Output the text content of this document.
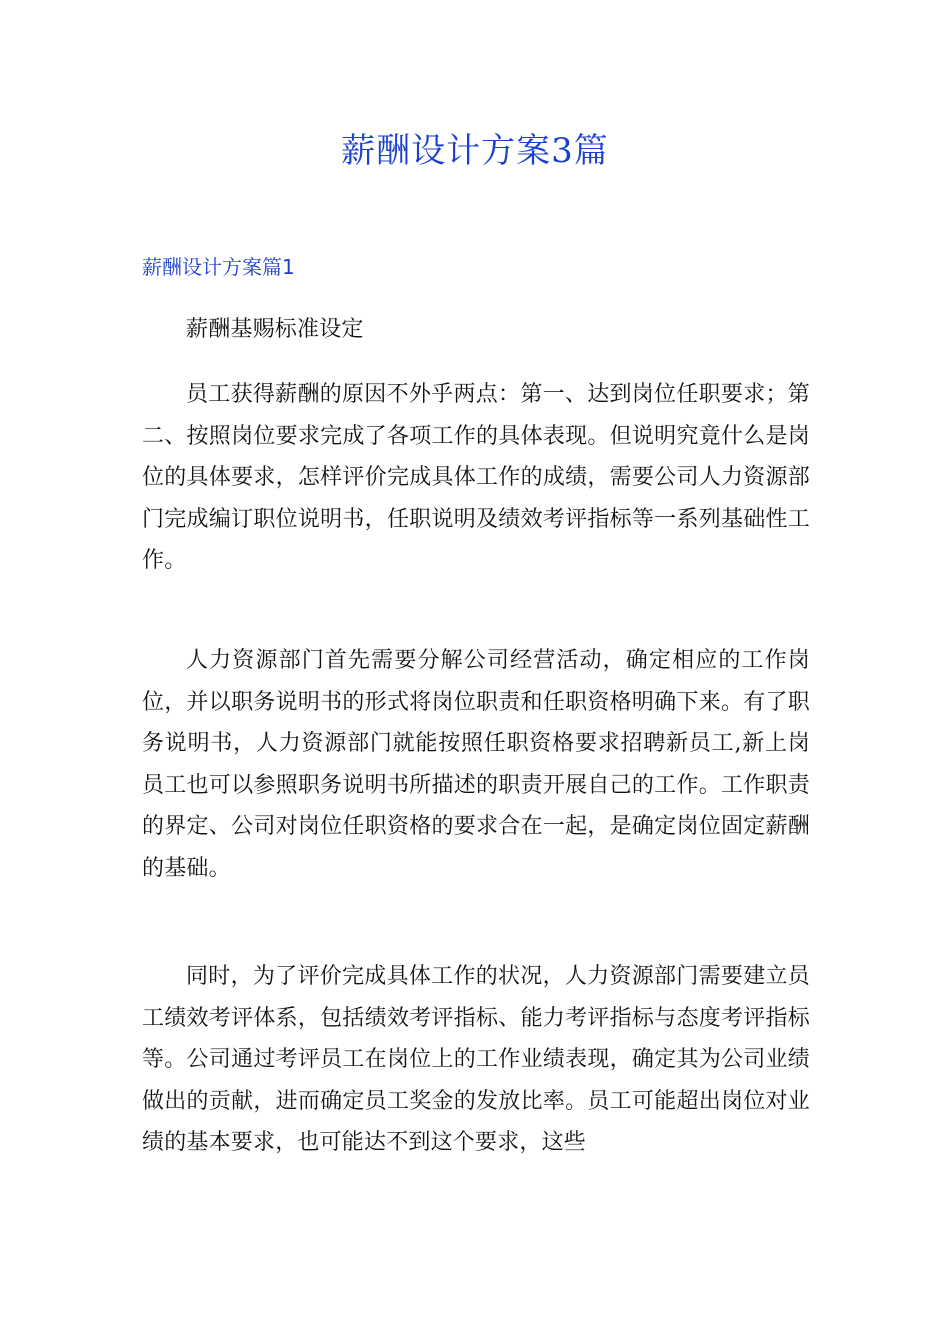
薪酬设计方案3篇
薪酬设计方案篇1

薪酬基赐标准设定

员工获得薪酬的原因不外乎两点：第一、达到岗位任职要求；第二、按照岗位要求完成了各项工作的具体表现。但说明究竟什么是岗位的具体要求，怎样评价完成具体工作的成绩，需要公司人力资源部门完成编订职位说明书，任职说明及绩效考评指标等一系列基础性工作。

人力资源部门首先需要分解公司经营活动，确定相应的工作岗位，并以职务说明书的形式将岗位职责和任职资格明确下来。有了职务说明书，人力资源部门就能按照任职资格要求招聘新员工,新上岗员工也可以参照职务说明书所描述的职责开展自己的工作。工作职责的界定、公司对岗位任职资格的要求合在一起，是确定岗位固定薪酬的基础。

同时，为了评价完成具体工作的状况，人力资源部门需要建立员工绩效考评体系，包括绩效考评指标、能力考评指标与态度考评指标等。公司通过考评员工在岗位上的工作业绩表现，确定其为公司业绩做出的贡献，进而确定员工奖金的发放比率。员工可能超出岗位对业绩的基本要求，也可能达不到这个要求，这些
